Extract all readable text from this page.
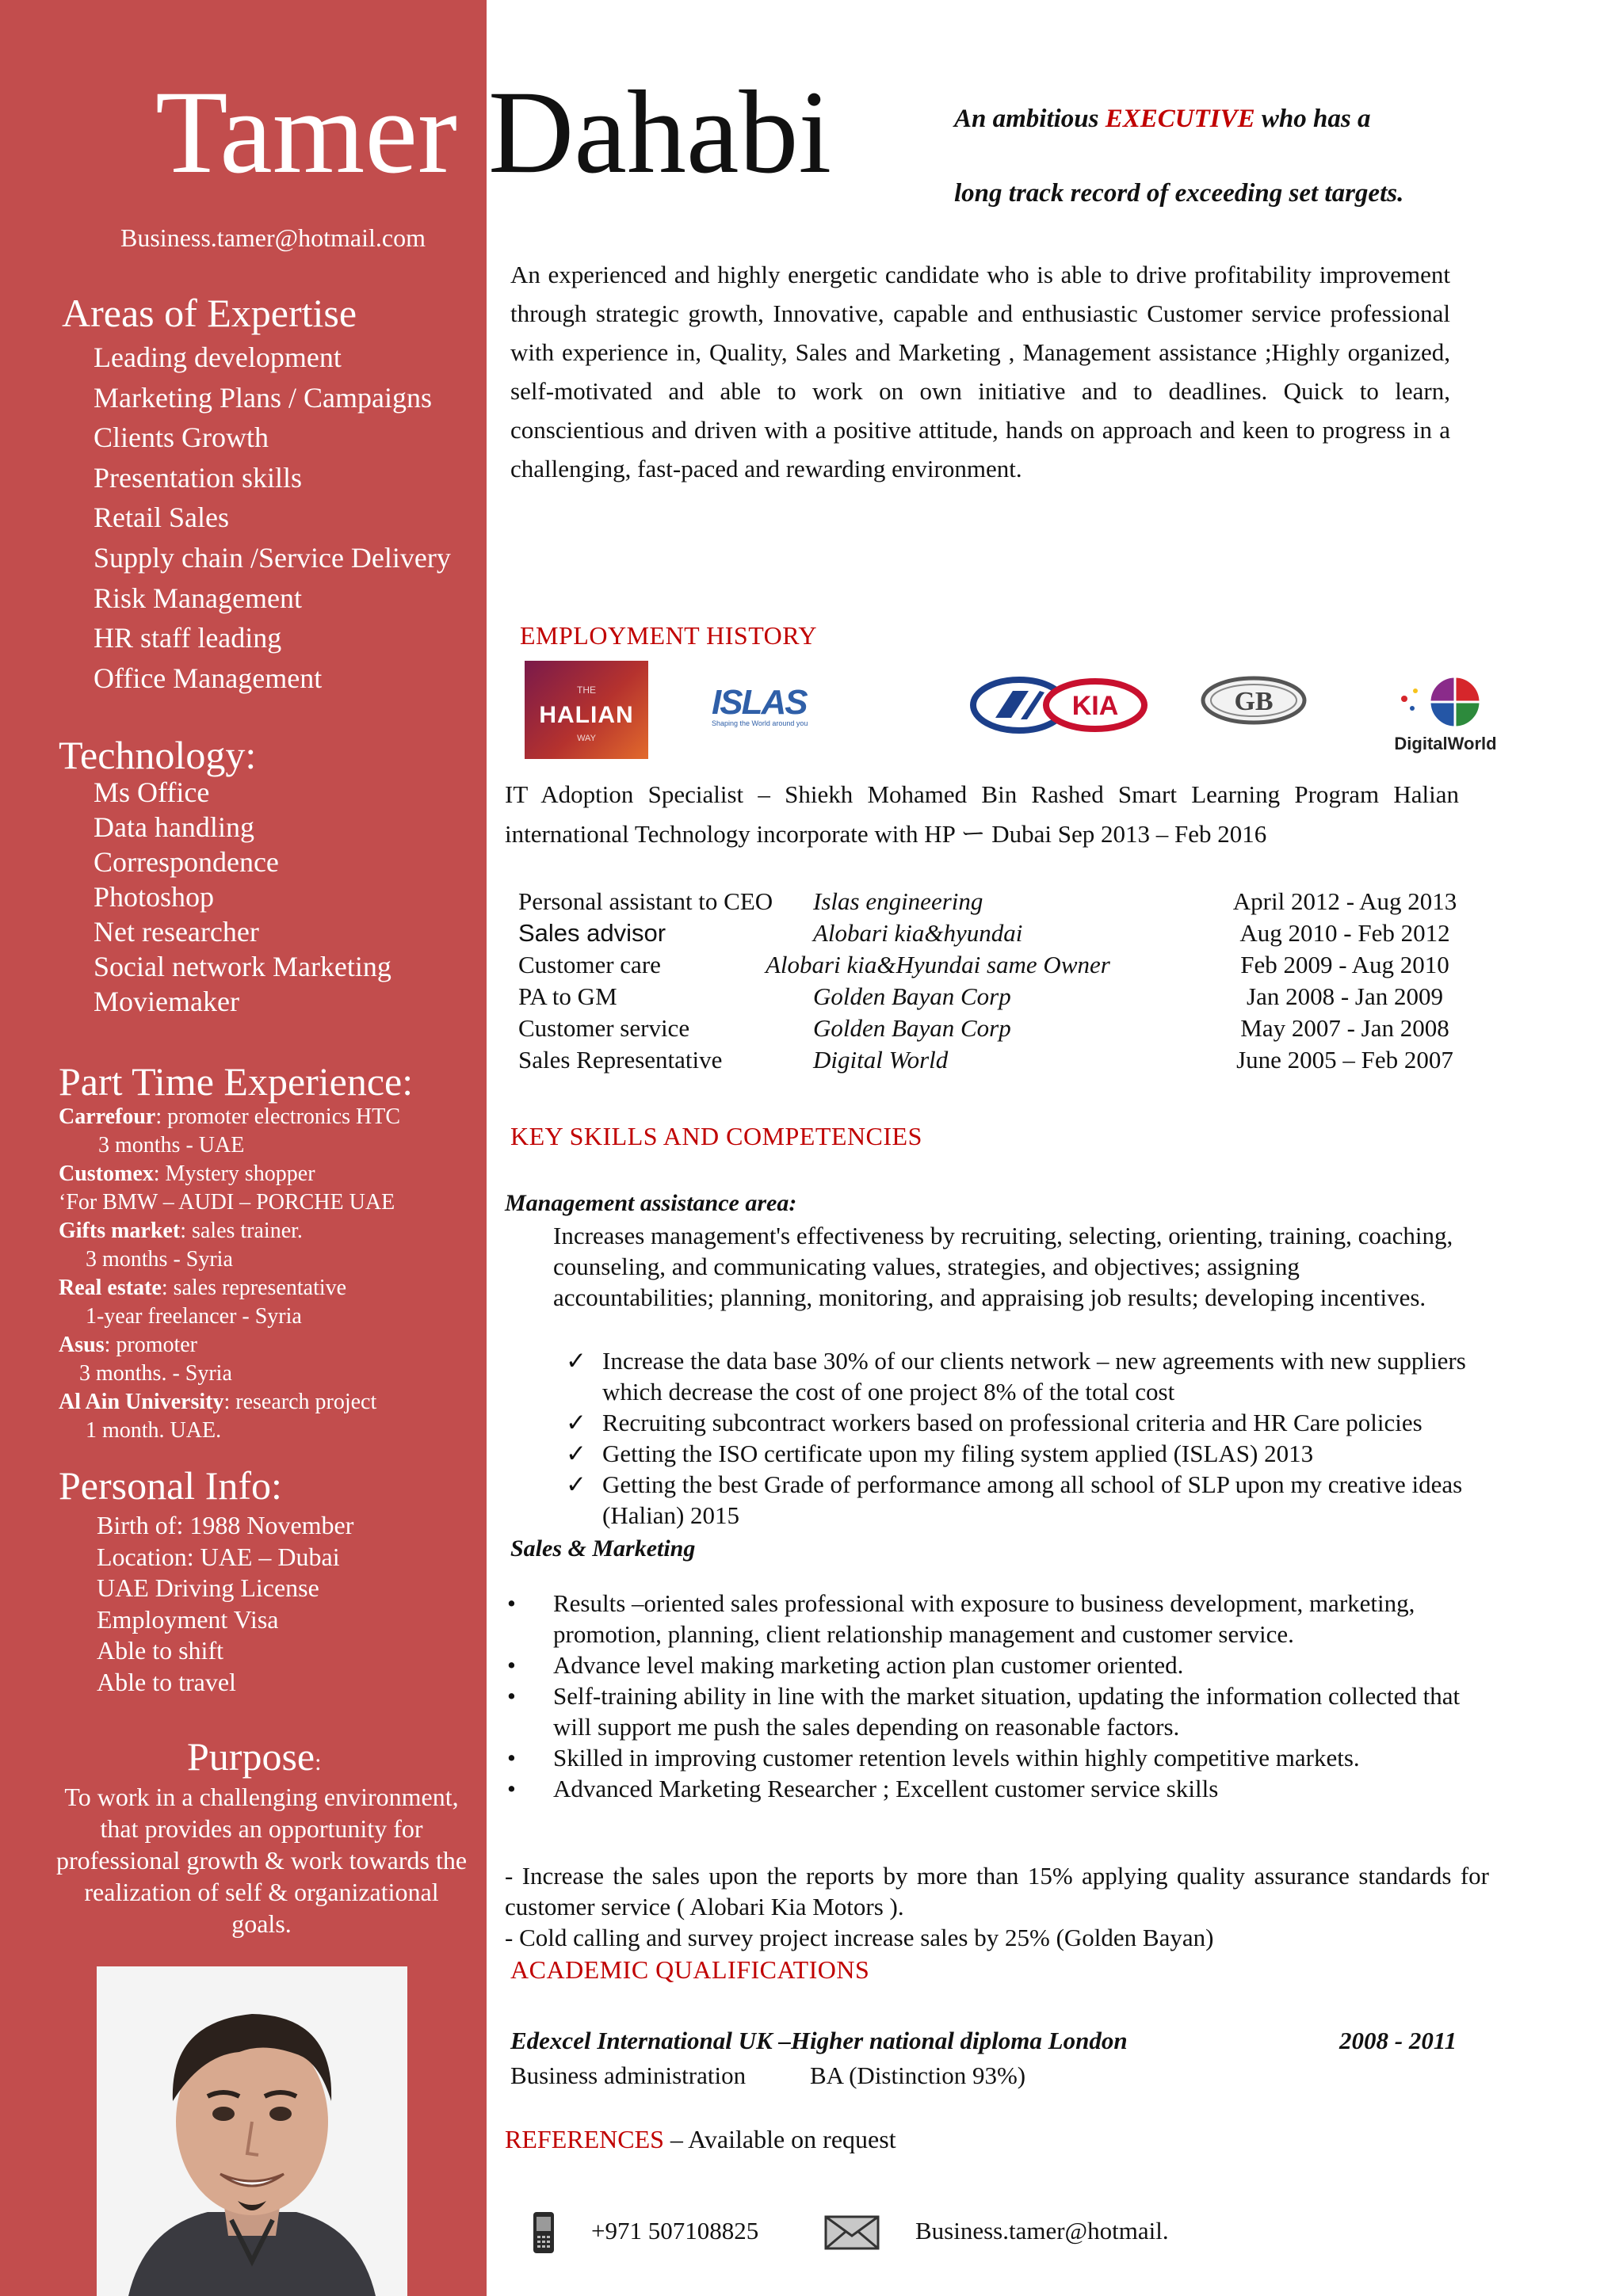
Tamer Dahabi
Business.tamer@hotmail.com
Areas of Expertise
Leading development
Marketing Plans / Campaigns
Clients Growth
Presentation skills
Retail Sales
Supply chain /Service Delivery
Risk Management
HR staff leading
Office Management
Technology:
Ms Office
Data handling
Correspondence
Photoshop
Net researcher
Social network Marketing
Moviemaker
Part Time Experience:
Carrefour: promoter electronics HTC
3 months - UAE
Customex: Mystery shopper
‘For BMW – AUDI – PORCHE UAE
Gifts market: sales trainer.
3 months - Syria
Real estate: sales representative
1-year freelancer - Syria
Asus: promoter
3 months. - Syria
Al Ain University: research project
1 month. UAE.
Personal Info:
Birth of: 1988 November
Location: UAE – Dubai
UAE Driving License
Employment Visa
Able to shift
Able to travel
Purpose:
To work in a challenging environment, that provides an opportunity for professional growth & work towards the realization of self & organizational goals.
An ambitious EXECUTIVE who has a
long track record of exceeding set targets.
An experienced and highly energetic candidate who is able to drive profitability improvement through strategic growth, Innovative, capable and enthusiastic Customer service professional with experience in, Quality, Sales and Marketing , Management assistance ;Highly organized, self-motivated and able to work on own initiative and to deadlines. Quick to learn, conscientious and driven with a positive attitude, hands on approach and keen to progress in a challenging, fast-paced and rewarding environment.
EMPLOYMENT HISTORY
THE
HALIAN
WAY
ISLAS
Shaping the World around you
KIA	GB
DigitalWorld
IT Adoption Specialist – Shiekh Mohamed Bin Rashed Smart Learning Program Halian international Technology incorporate with HP ー Dubai Sep 2013 – Feb 2016
Personal assistant to CEO	Islas engineering	April 2012 - Aug 2013
Sales advisor	Alobari kia&hyundai	Aug 2010 - Feb 2012
Customer care	Alobari kia&Hyundai same Owner	Feb 2009 - Aug 2010
PA to GM	Golden Bayan Corp	Jan 2008 - Jan 2009
Customer service	Golden Bayan Corp	May 2007 - Jan 2008
Sales Representative	Digital World	June 2005 – Feb 2007
KEY SKILLS AND COMPETENCIES
Management assistance area:
Increases management's effectiveness by recruiting, selecting, orienting, training, coaching, counseling, and communicating values, strategies, and objectives; assigning accountabilities; planning, monitoring, and appraising job results; developing incentives.
✓ Increase the data base 30% of our clients network – new agreements with new suppliers which decrease the cost of one project 8% of the total cost
✓ Recruiting subcontract workers based on professional criteria and HR Care policies
✓ Getting the ISO certificate upon my filing system applied (ISLAS) 2013
✓ Getting the best Grade of performance among all school of SLP upon my creative ideas (Halian) 2015
Sales & Marketing
• Results –oriented sales professional with exposure to business development, marketing, promotion, planning, client relationship management and customer service.
• Advance level making marketing action plan customer oriented.
• Self-training ability in line with the market situation, updating the information collected that will support me push the sales depending on reasonable factors.
• Skilled in improving customer retention levels within highly competitive markets.
• Advanced Marketing Researcher ; Excellent customer service skills

- Increase the sales upon the reports by more than 15% applying quality assurance standards for customer service ( Alobari Kia Motors ).

- Cold calling and survey project increase sales by 25% (Golden Bayan)

ACADEMIC QUALIFICATIONS
Edexcel International UK –Higher national diploma London	2008 - 2011
Business administration	BA (Distinction 93%)
REFERENCES – Available on request
+971 507108825	Business.tamer@hotmail.
